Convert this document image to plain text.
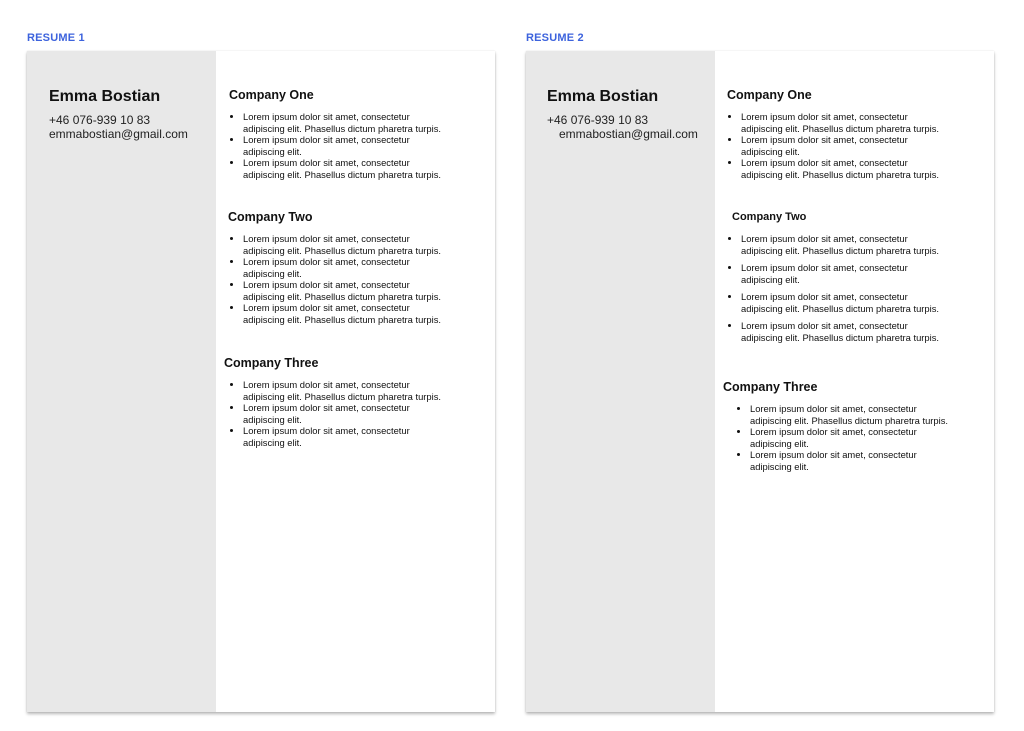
RESUME 1
Emma Bostian
+46 076-939 10 83
emmabostian@gmail.com
Company One
• Lorem ipsum dolor sit amet, consectetur
adipiscing elit. Phasellus dictum pharetra turpis.
• Lorem ipsum dolor sit amet, consectetur
adipiscing elit.
• Lorem ipsum dolor sit amet, consectetur
adipiscing elit. Phasellus dictum pharetra turpis.
Company Two
• Lorem ipsum dolor sit amet, consectetur
adipiscing elit. Phasellus dictum pharetra turpis.
• Lorem ipsum dolor sit amet, consectetur
adipiscing elit.
• Lorem ipsum dolor sit amet, consectetur
adipiscing elit. Phasellus dictum pharetra turpis.
• Lorem ipsum dolor sit amet, consectetur
adipiscing elit. Phasellus dictum pharetra turpis.
Company Three
• Lorem ipsum dolor sit amet, consectetur
adipiscing elit. Phasellus dictum pharetra turpis.
• Lorem ipsum dolor sit amet, consectetur
adipiscing elit.
• Lorem ipsum dolor sit amet, consectetur
adipiscing elit.
RESUME 2
Emma Bostian
+46 076-939 10 83
emmabostian@gmail.com
Company One
• Lorem ipsum dolor sit amet, consectetur
adipiscing elit. Phasellus dictum pharetra turpis.
• Lorem ipsum dolor sit amet, consectetur
adipiscing elit.
• Lorem ipsum dolor sit amet, consectetur
adipiscing elit. Phasellus dictum pharetra turpis.
Company Two
• Lorem ipsum dolor sit amet, consectetur
adipiscing elit. Phasellus dictum pharetra turpis.
• Lorem ipsum dolor sit amet, consectetur
adipiscing elit.
• Lorem ipsum dolor sit amet, consectetur
adipiscing elit. Phasellus dictum pharetra turpis.
• Lorem ipsum dolor sit amet, consectetur
adipiscing elit. Phasellus dictum pharetra turpis.
Company Three
• Lorem ipsum dolor sit amet, consectetur
adipiscing elit. Phasellus dictum pharetra turpis.
• Lorem ipsum dolor sit amet, consectetur
adipiscing elit.
• Lorem ipsum dolor sit amet, consectetur
adipiscing elit.
